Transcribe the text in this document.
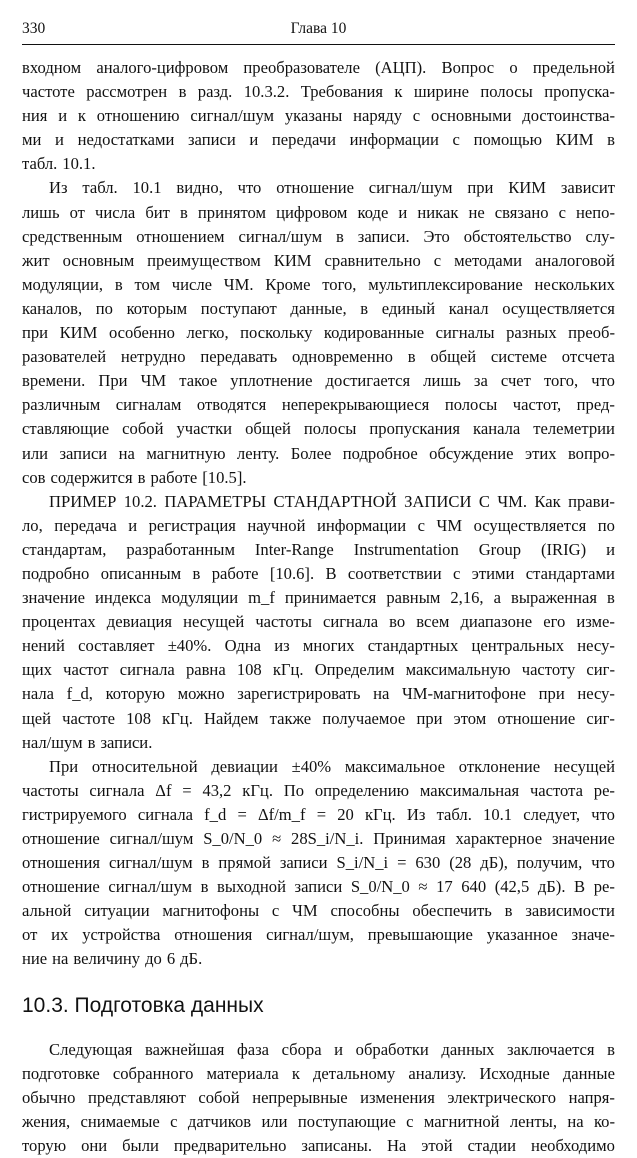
330	Глава 10
входном аналого-цифровом преобразователе (АЦП). Вопрос о предельной
частоте рассмотрен в разд. 10.3.2. Требования к ширине полосы пропуска-
ния и к отношению сигнал/шум указаны наряду с основными достоинства-
ми и недостатками записи и передачи информации с помощью КИМ в
табл. 10.1.
Из табл. 10.1 видно, что отношение сигнал/шум при КИМ зависит
лишь от числа бит в принятом цифровом коде и никак не связано с непо-
средственным отношением сигнал/шум в записи. Это обстоятельство слу-
жит основным преимуществом КИМ сравнительно с методами аналоговой
модуляции, в том числе ЧМ. Кроме того, мультиплексирование нескольких
каналов, по которым поступают данные, в единый канал осуществляется
при КИМ особенно легко, поскольку кодированные сигналы разных преоб-
разователей нетрудно передавать одновременно в общей системе отсчета
времени. При ЧМ такое уплотнение достигается лишь за счет того, что
различным сигналам отводятся неперекрывающиеся полосы частот, пред-
ставляющие собой участки общей полосы пропускания канала телеметрии
или записи на магнитную ленту. Более подробное обсуждение этих вопро-
сов содержится в работе [10.5].
ПРИМЕР 10.2. ПАРАМЕТРЫ СТАНДАРТНОЙ ЗАПИСИ С ЧМ. Как прави-
ло, передача и регистрация научной информации с ЧМ осуществляется по
стандартам, разработанным Inter-Range Instrumentation Group (IRIG) и
подробно описанным в работе [10.6]. В соответствии с этими стандартами
значение индекса модуляции m_f принимается равным 2,16, а выраженная в
процентах девиация несущей частоты сигнала во всем диапазоне его изме-
нений составляет ±40%. Одна из многих стандартных центральных несу-
щих частот сигнала равна 108 кГц. Определим максимальную частоту сиг-
нала f_d, которую можно зарегистрировать на ЧМ-магнитофоне при несу-
щей частоте 108 кГц. Найдем также получаемое при этом отношение сиг-
нал/шум в записи.
При относительной девиации ±40% максимальное отклонение несущей
частоты сигнала Δf = 43,2 кГц. По определению максимальная частота ре-
гистрируемого сигнала f_d = Δf/m_f = 20 кГц. Из табл. 10.1 следует, что
отношение сигнал/шум S_0/N_0 ≈ 28S_i/N_i. Принимая характерное значение
отношения сигнал/шум в прямой записи S_i/N_i = 630 (28 дБ), получим, что
отношение сигнал/шум в выходной записи S_0/N_0 ≈ 17 640 (42,5 дБ). В ре-
альной ситуации магнитофоны с ЧМ способны обеспечить в зависимости
от их устройства отношения сигнал/шум, превышающие указанное значе-
ние на величину до 6 дБ.
10.3. Подготовка данных
Следующая важнейшая фаза сбора и обработки данных заключается в
подготовке собранного материала к детальному анализу. Исходные данные
обычно представляют собой непрерывные изменения электрического напря-
жения, снимаемые с датчиков или поступающие с магнитной ленты, на ко-
торую они были предварительно записаны. На этой стадии необходимо
